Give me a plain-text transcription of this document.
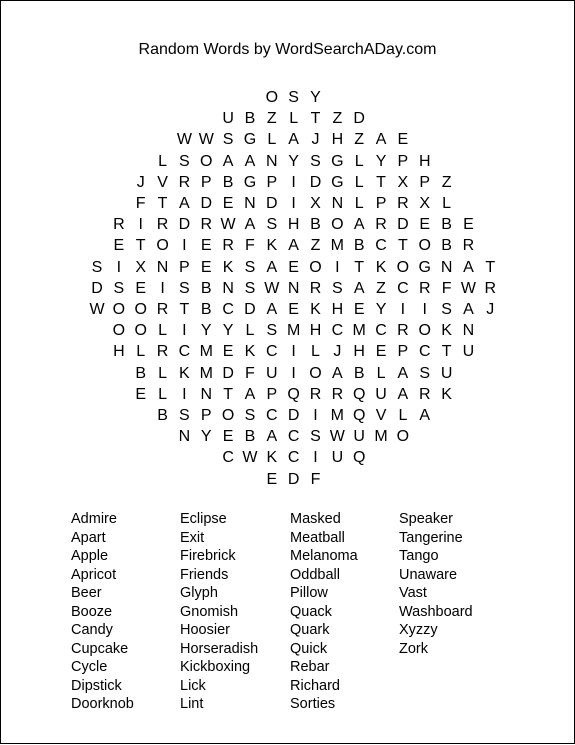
Random Words by WordSearchADay.com
O S Y
U B Z L T Z D
W W S G L A J H Z A E
L S O A A N Y S G L Y P H
J V R P B G P I D G L T X P Z
F T A D E N D I X N L P R X L
R I R D R W A S H B O A R D E B E
E T O I E R F K A Z M B C T O B R
S I X N P E K S A E O I T K O G N A T
D S E I S B N S W N R S A Z C R F W R
W O O R T B C D A E K H E Y I	I S A J
O O L I Y Y L S M H C M C R O K N
H L R C M E K C I L J H E P C T U
B L K M D F U I O A B L A S U
E L I N T A P Q R R Q U A R K
B S P O S C D I M Q V L A
N Y E B A C S W U M O
C W K C I U Q
E D F
Admire
Apart
Apple
Apricot
Beer
Booze
Candy
Cupcake
Cycle
Dipstick
Doorknob
Eclipse
Exit
Firebrick
Friends
Glyph
Gnomish
Hoosier
Horseradish
Kickboxing
Lick
Lint
Masked
Meatball
Melanoma
Oddball
Pillow
Quack
Quark
Quick
Rebar
Richard
Sorties
Speaker
Tangerine
Tango
Unaware
Vast
Washboard
Xyzzy
Zork
